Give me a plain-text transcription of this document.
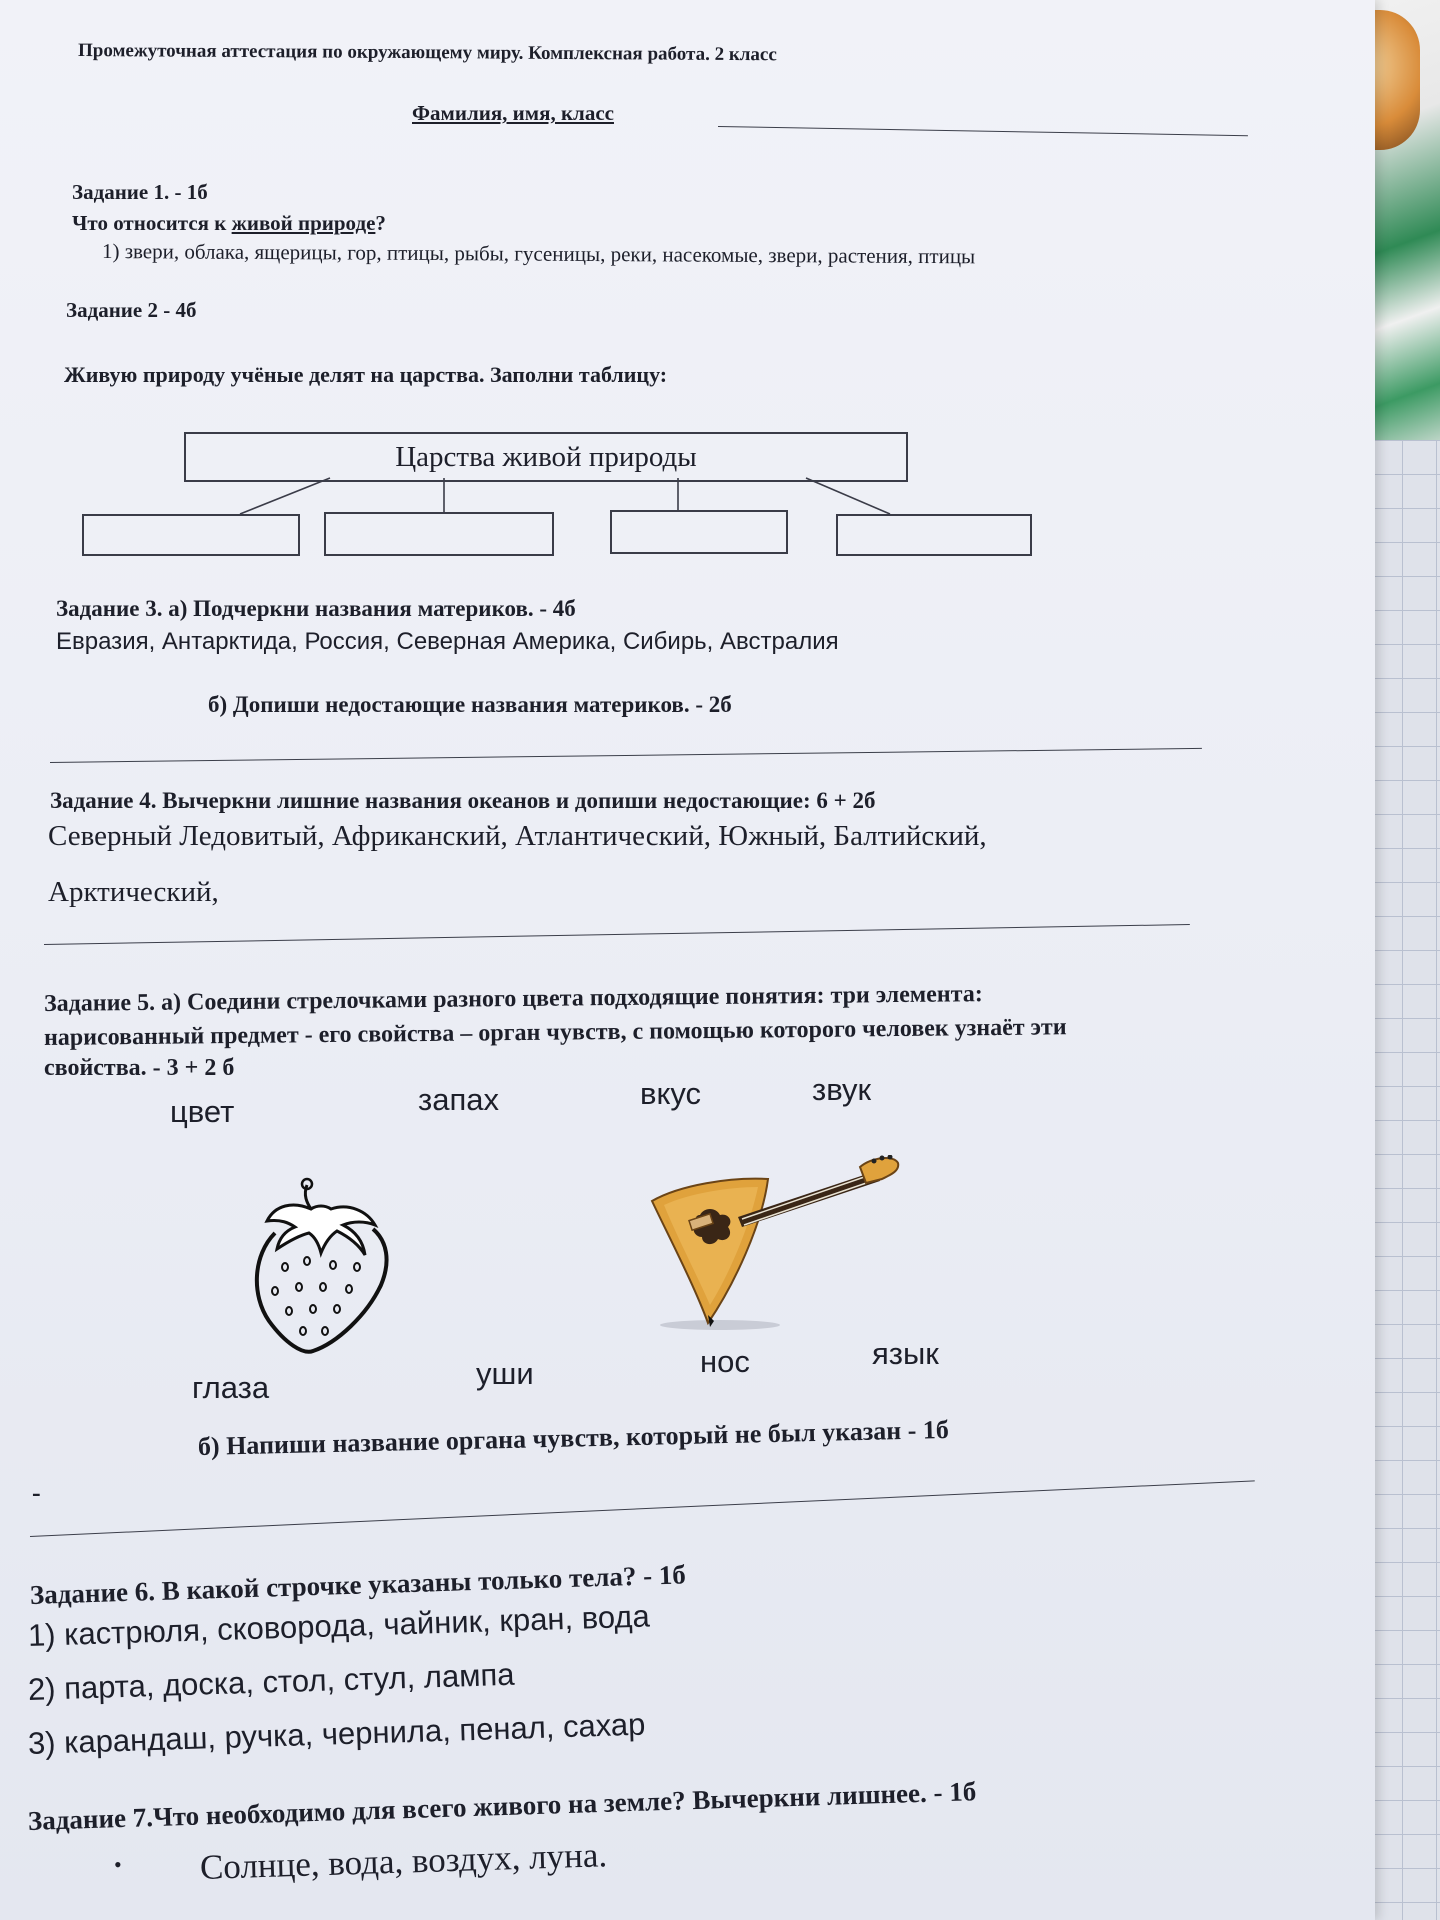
Промежуточная аттестация по окружающему миру. Комплексная работа. 2 класс
Фамилия, имя, класс
Задание 1. - 1б
Что относится к живой природе?
1) звери, облака, ящерицы, гор, птицы, рыбы, гусеницы, реки, насекомые, звери, растения, птицы
Задание 2 - 4б
Живую природу учёные делят на царства. Заполни таблицу:
Царства живой природы
Задание 3. а) Подчеркни названия материков. - 4б
Евразия, Антарктида, Россия, Северная Америка, Сибирь, Австралия
б) Допиши недостающие названия материков. - 2б
Задание 4. Вычеркни лишние названия океанов и допиши недостающие: 6 + 2б
Северный Ледовитый, Африканский, Атлантический, Южный, Балтийский,
Арктический,
Задание 5. а) Соедини стрелочками разного цвета подходящие понятия: три элемента:
нарисованный предмет - его свойства – орган чувств, с помощью которого человек узнаёт эти
свойства. - 3 + 2 б
цвет	запах	вкус	звук
глаза	уши	нос	язык
б) Напиши название органа чувств, который не был указан - 1б
-
Задание 6. В какой строчке указаны только тела? - 1б
1) кастрюля, сковорода, чайник, кран, вода
2) парта, доска, стол, стул, лампа
3) карандаш, ручка, чернила, пенал, сахар
Задание 7.Что необходимо для всего живого на земле? Вычеркни лишнее. - 1б
• Солнце, вода, воздух, луна.
